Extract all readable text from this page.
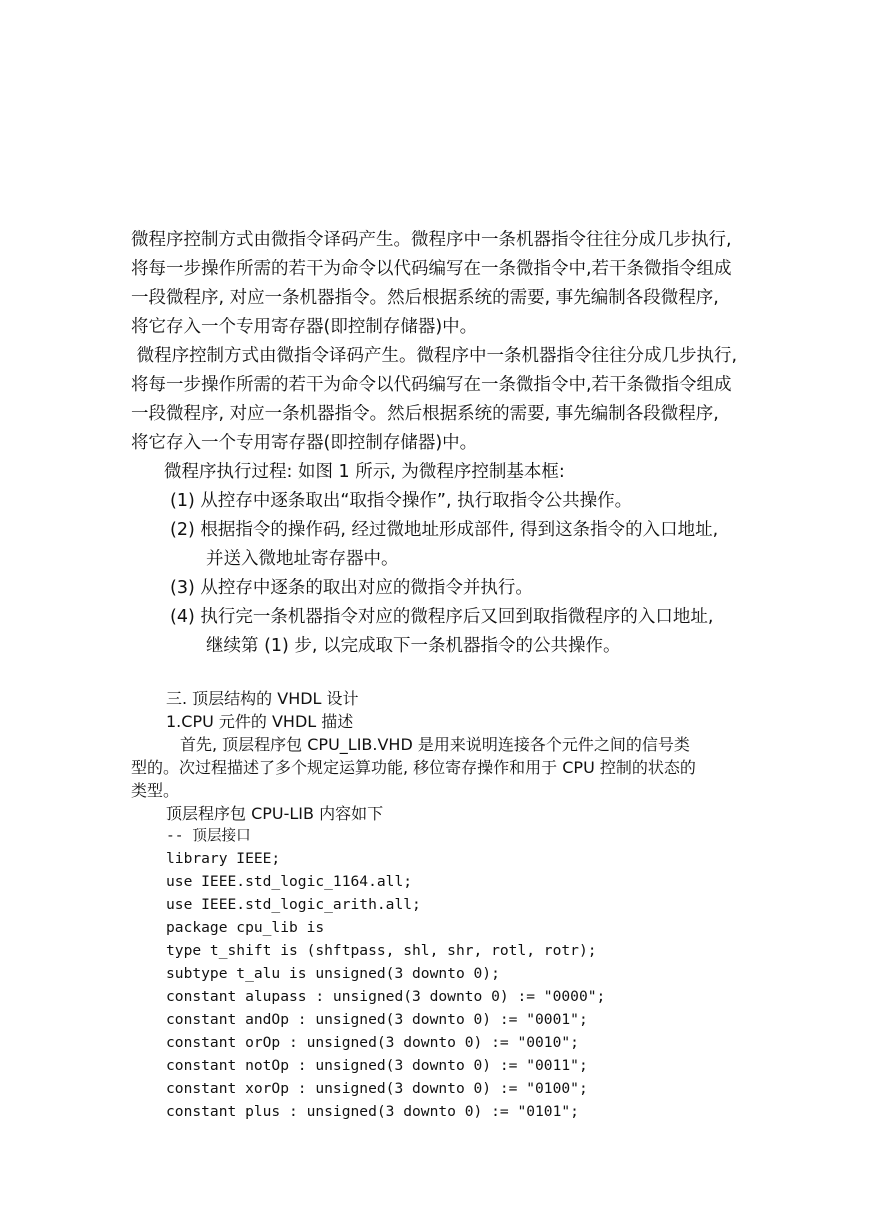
微程序控制方式由微指令译码产生。微程序中一条机器指令往往分成几步执行,
将每一步操作所需的若干为命令以代码编写在一条微指令中,若干条微指令组成
一段微程序, 对应一条机器指令。然后根据系统的需要, 事先编制各段微程序,
将它存入一个专用寄存器(即控制存储器)中。
微程序控制方式由微指令译码产生。微程序中一条机器指令往往分成几步执行,
将每一步操作所需的若干为命令以代码编写在一条微指令中,若干条微指令组成
一段微程序, 对应一条机器指令。然后根据系统的需要, 事先编制各段微程序,
将它存入一个专用寄存器(即控制存储器)中。
微程序执行过程: 如图 1 所示, 为微程序控制基本框:
(1) 从控存中逐条取出“取指令操作”, 执行取指令公共操作。
(2) 根据指令的操作码, 经过微地址形成部件, 得到这条指令的入口地址,
并送入微地址寄存器中。
(3) 从控存中逐条的取出对应的微指令并执行。
(4) 执行完一条机器指令对应的微程序后又回到取指微程序的入口地址,
继续第 (1) 步, 以完成取下一条机器指令的公共操作。
三. 顶层结构的 VHDL 设计
1.CPU 元件的 VHDL 描述
首先, 顶层程序包 CPU_LIB.VHD 是用来说明连接各个元件之间的信号类
型的。次过程描述了多个规定运算功能, 移位寄存操作和用于 CPU 控制的状态的
类型。
顶层程序包 CPU-LIB 内容如下
-- 顶层接口
library IEEE;
use IEEE.std_logic_1164.all;
use IEEE.std_logic_arith.all;
package cpu_lib is
type t_shift is (shftpass, shl, shr, rotl, rotr);
subtype t_alu is unsigned(3 downto 0);
constant alupass : unsigned(3 downto 0) := "0000";
constant andOp : unsigned(3 downto 0) := "0001";
constant orOp : unsigned(3 downto 0) := "0010";
constant notOp : unsigned(3 downto 0) := "0011";
constant xorOp : unsigned(3 downto 0) := "0100";
constant plus : unsigned(3 downto 0) := "0101";
